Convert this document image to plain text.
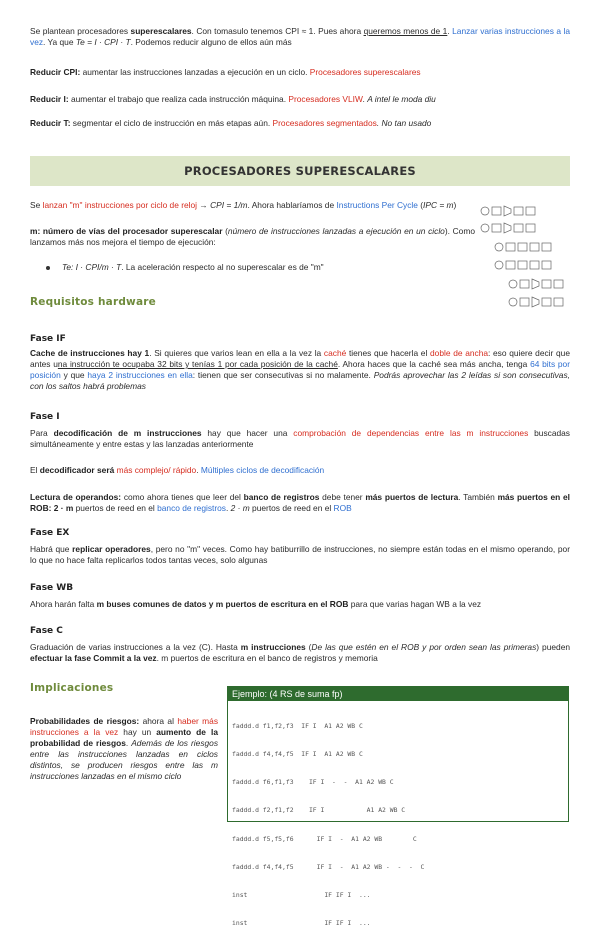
Se plantean procesadores superescalares. Con tomasulo tenemos CPI ≈ 1. Pues ahora queremos menos de 1. Lanzar varias instrucciones a la vez. Ya que Te = I · CPI · T. Podemos reducir alguno de ellos aún más

Reducir CPI: aumentar las instrucciones lanzadas a ejecución en un ciclo. Procesadores superescalares

Reducir I: aumentar el trabajo que realiza cada instrucción máquina. Procesadores VLIW. A intel le moda diu

Reducir T: segmentar el ciclo de instrucción en más etapas aún. Procesadores segmentados. No tan usado

PROCESADORES SUPERESCALARES

Se lanzan "m" instrucciones por ciclo de reloj → CPI = 1/m. Ahora hablaríamos de Instructions Per Cycle (IPC = m)

m: número de vías del procesador superescalar (número de instrucciones lanzadas a ejecución en un ciclo). Como lanzamos más nos mejora el tiempo de ejecución:

Te: I · CPI/m · T. La aceleración respecto al no superescalar es de "m"

Requisitos hardware
Fase IF

Cache de instrucciones hay 1. Si quieres que varios lean en ella a la vez la caché tienes que hacerla el doble de ancha: eso quiere decir que antes una instrucción te ocupaba 32 bits y tenías 1 por cada posición de la caché. Ahora haces que la caché sea más ancha, tenga 64 bits por posición y que haya 2 instrucciones en ella: tienen que ser consecutivas si no malamente. Podrás aprovechar las 2 leídas si son consecutivas, con los saltos habrá problemas

Fase I

Para decodificación de m instrucciones hay que hacer una comprobación de dependencias entre las m instrucciones buscadas simultáneamente y entre estas y las lanzadas anteriormente

El decodificador será más complejo/ rápido. Múltiples ciclos de decodificación

Lectura de operandos: como ahora tienes que leer del banco de registros debe tener más puertos de lectura. También más puertos en el ROB: 2 · m puertos de reed en el banco de registros. 2 · m puertos de reed en el ROB

Fase EX

Habrá que replicar operadores, pero no "m" veces. Como hay batiburrillo de instrucciones, no siempre están todas en el mismo operando, por lo que no hace falta replicarlos todos tantas veces, solo algunas

Fase WB

Ahora harán falta m buses comunes de datos y m puertos de escritura en el ROB para que varias hagan WB a la vez

Fase C

Graduación de varias instrucciones a la vez (C). Hasta m instrucciones (De las que estén en el ROB y por orden sean las primeras) pueden efectuar la fase Commit a la vez. m puertos de escritura en el banco de registros y memoria

Implicaciones

Probabilidades de riesgos: ahora al haber más instrucciones a la vez hay un aumento de la probabilidad de riesgos. Además de los riesgos entre las instrucciones lanzadas en ciclos distintos, se producen riesgos entre las m instrucciones lanzadas en el mismo ciclo

Ejemplo: (4 RS de suma fp)

faddd.d f1,f2,f3  IF I  A1 A2 WB C

faddd.d f4,f4,f5  IF I  A1 A2 WB C

faddd.d f6,f1,f3    IF I  -  -  A1 A2 WB C

faddd.d f2,f1,f2    IF I           A1 A2 WB C

faddd.d f5,f5,f6      IF I  -  A1 A2 WB        C

faddd.d f4,f4,f5      IF I  -  A1 A2 WB -  -  -  C

inst                    IF IF I  ...

inst                    IF IF I  ...
